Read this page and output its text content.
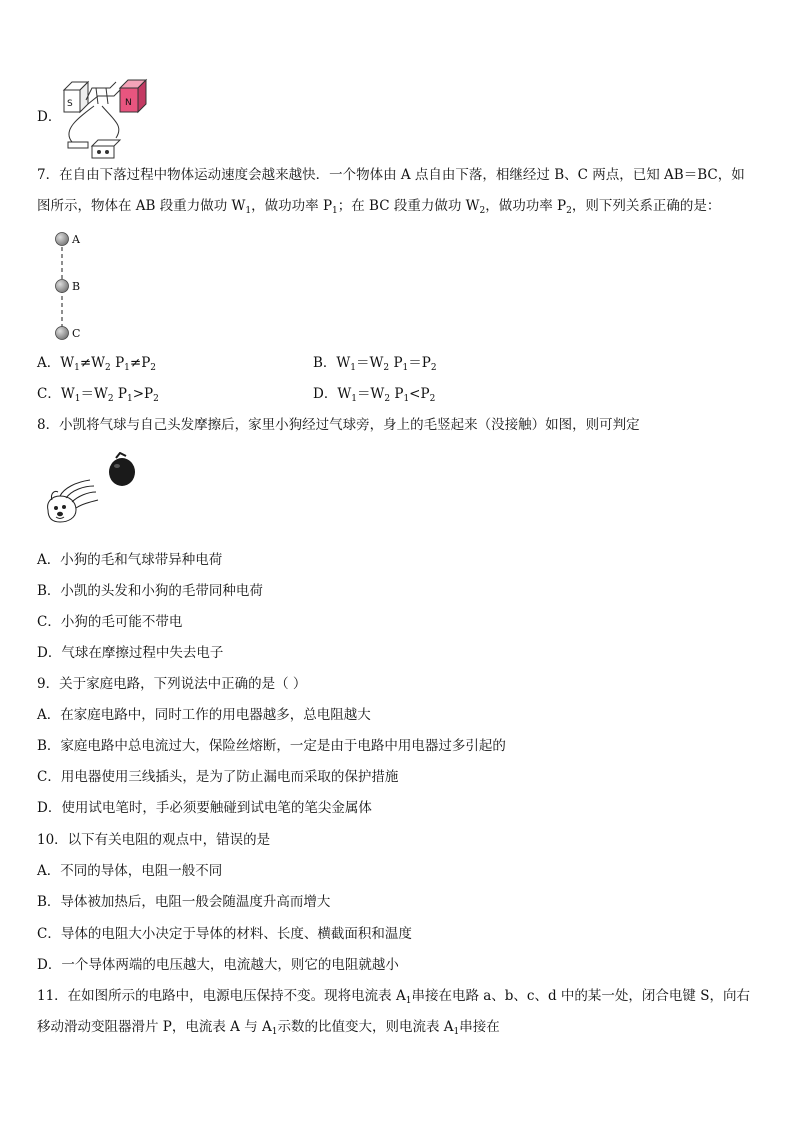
D．
S	N
7．在自由下落过程中物体运动速度会越来越快．一个物体由 A 点自由下落，相继经过 B、C 两点，已知 AB＝BC，如
图所示，物体在 AB 段重力做功 $W_1$，做功功率 $P_1$；在 BC 段重力做功 $W_2$，做功功率 $P_2$，则下列关系正确的是：
A
B
C
A．$W_1\ne W_2$ $P_1\ne P_2$	B．$W_1=W_2$ $P_1=P_2$
C．$W_1=W_2$ $P_1>P_2$	D．$W_1=W_2$ $P_1<P_2$
8．小凯将气球与自己头发摩擦后，家里小狗经过气球旁，身上的毛竖起来（没接触）如图，则可判定
A．小狗的毛和气球带异种电荷
B．小凯的头发和小狗的毛带同种电荷
C．小狗的毛可能不带电
D．气球在摩擦过程中失去电子
9．关于家庭电路，下列说法中正确的是（ ）
A．在家庭电路中，同时工作的用电器越多，总电阻越大
B．家庭电路中总电流过大，保险丝熔断，一定是由于电路中用电器过多引起的
C．用电器使用三线插头，是为了防止漏电而采取的保护措施
D．使用试电笔时，手必须要触碰到试电笔的笔尖金属体
10．以下有关电阻的观点中，错误的是
A．不同的导体，电阻一般不同
B．导体被加热后，电阻一般会随温度升高而增大
C．导体的电阻大小决定于导体的材料、长度、横截面积和温度
D．一个导体两端的电压越大，电流越大，则它的电阻就越小
11．在如图所示的电路中，电源电压保持不变。现将电流表 $A_1$串接在电路 a、b、c、d 中的某一处，闭合电键 S，向右
移动滑动变阻器滑片 P，电流表 A 与 $A_1$示数的比值变大，则电流表 $A_1$串接在
